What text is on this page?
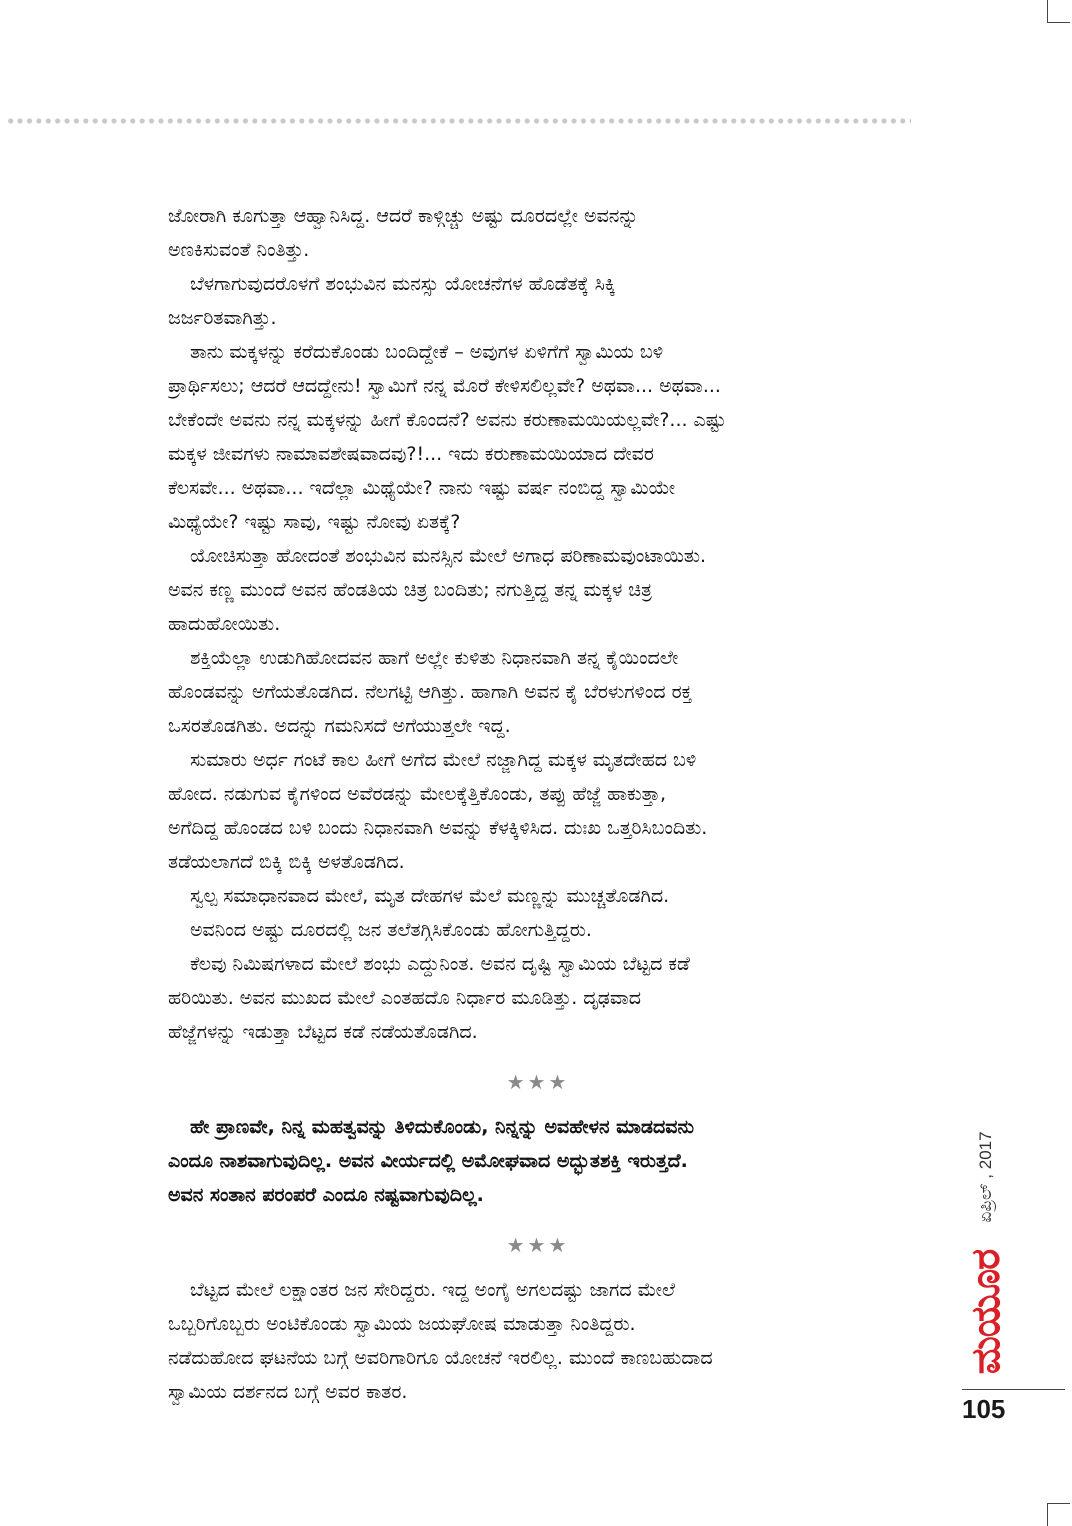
ಜೋರಾಗಿ ಕೂಗುತ್ತಾ ಆಹ್ವಾನಿಸಿದ್ದ. ಆದರೆ ಕಾಳ್ಗಿಚ್ಚು ಅಷ್ಟು ದೂರದಲ್ಲೇ ಅವನನ್ನು
ಅಣಕಿಸುವಂತೆ ನಿಂತಿತ್ತು.
ಬೆಳಗಾಗುವುದರೊಳಗೆ ಶಂಭುವಿನ ಮನಸ್ಸು ಯೋಚನೆಗಳ ಹೊಡೆತಕ್ಕೆ ಸಿಕ್ಕಿ
ಜರ್ಜರಿತವಾಗಿತ್ತು.
ತಾನು ಮಕ್ಕಳನ್ನು ಕರೆದುಕೊಂಡು ಬಂದಿದ್ದೇಕೆ – ಅವುಗಳ ಏಳಿಗೆಗೆ ಸ್ವಾಮಿಯ ಬಳಿ
ಪ್ರಾರ್ಥಿಸಲು; ಆದರೆ ಆದದ್ದೇನು! ಸ್ವಾಮಿಗೆ ನನ್ನ ಮೊರೆ ಕೇಳಿಸಲಿಲ್ಲವೇ? ಅಥವಾ... ಅಥವಾ...
ಬೇಕೆಂದೇ ಅವನು ನನ್ನ ಮಕ್ಕಳನ್ನು ಹೀಗೆ ಕೊಂದನೆ? ಅವನು ಕರುಣಾಮಯಿಯಲ್ಲವೇ?... ಎಷ್ಟು
ಮಕ್ಕಳ ಜೀವಗಳು ನಾಮಾವಶೇಷವಾದವು?!... ಇದು ಕರುಣಾಮಯಿಯಾದ ದೇವರ
ಕೆಲಸವೇ... ಅಥವಾ... ಇದೆಲ್ಲಾ ಮಿಥ್ಯೆಯೇ? ನಾನು ಇಷ್ಟು ವರ್ಷ ನಂಬಿದ್ದ ಸ್ವಾಮಿಯೇ
ಮಿಥ್ಯೆಯೇ? ಇಷ್ಟು ಸಾವು, ಇಷ್ಟು ನೋವು ಏತಕ್ಕೆ?
ಯೋಚಿಸುತ್ತಾ ಹೋದಂತೆ ಶಂಭುವಿನ ಮನಸ್ಸಿನ ಮೇಲೆ ಅಗಾಧ ಪರಿಣಾಮವುಂಟಾಯಿತು.
ಅವನ ಕಣ್ಣ ಮುಂದೆ ಅವನ ಹೆಂಡತಿಯ ಚಿತ್ರ ಬಂದಿತು; ನಗುತ್ತಿದ್ದ ತನ್ನ ಮಕ್ಕಳ ಚಿತ್ರ
ಹಾದುಹೋಯಿತು.
ಶಕ್ತಿಯೆಲ್ಲಾ ಉಡುಗಿಹೋದವನ ಹಾಗೆ ಅಲ್ಲೇ ಕುಳಿತು ನಿಧಾನವಾಗಿ ತನ್ನ ಕೈಯಿಂದಲೇ
ಹೊಂಡವನ್ನು ಅಗೆಯತೊಡಗಿದ. ನೆಲಗಟ್ಟಿ ಆಗಿತ್ತು. ಹಾಗಾಗಿ ಅವನ ಕೈ ಬೆರಳುಗಳಿಂದ ರಕ್ತ
ಒಸರತೊಡಗಿತು. ಅದನ್ನು ಗಮನಿಸದೆ ಅಗೆಯುತ್ತಲೇ ಇದ್ದ.
ಸುಮಾರು ಅರ್ಧ ಗಂಟೆ ಕಾಲ ಹೀಗೆ ಅಗೆದ ಮೇಲೆ ನಜ್ಜಾಗಿದ್ದ ಮಕ್ಕಳ ಮೃತದೇಹದ ಬಳಿ
ಹೋದ. ನಡುಗುವ ಕೈಗಳಿಂದ ಅವೆರಡನ್ನು ಮೇಲಕ್ಕೆತ್ತಿಕೊಂಡು, ತಪ್ಪು ಹೆಜ್ಜೆ ಹಾಕುತ್ತಾ,
ಅಗೆದಿದ್ದ ಹೊಂಡದ ಬಳಿ ಬಂದು ನಿಧಾನವಾಗಿ ಅವನ್ನು ಕೆಳಕ್ಕಿಳಿಸಿದ. ದುಃಖ ಒತ್ತರಿಸಿಬಂದಿತು.
ತಡೆಯಲಾಗದೆ ಬಿಕ್ಕಿ ಬಿಕ್ಕಿ ಅಳತೊಡಗಿದ.
ಸ್ವಲ್ಪ ಸಮಾಧಾನವಾದ ಮೇಲೆ, ಮೃತ ದೇಹಗಳ ಮೆಲೆ ಮಣ್ಣನ್ನು ಮುಚ್ಚತೊಡಗಿದ.
ಅವನಿಂದ ಅಷ್ಟು ದೂರದಲ್ಲಿ ಜನ ತಲೆತಗ್ಗಿಸಿಕೊಂಡು ಹೋಗುತ್ತಿದ್ದರು.
ಕೆಲವು ನಿಮಿಷಗಳಾದ ಮೇಲೆ ಶಂಭು ಎದ್ದುನಿಂತ. ಅವನ ದೃಷ್ಟಿ ಸ್ವಾಮಿಯ ಬೆಟ್ಟದ ಕಡೆ
ಹರಿಯಿತು. ಅವನ ಮುಖದ ಮೇಲೆ ಎಂತಹದೊ ನಿರ್ಧಾರ ಮೂಡಿತ್ತು. ದೃಢವಾದ
ಹೆಜ್ಜೆಗಳನ್ನು ಇಡುತ್ತಾ ಬೆಟ್ಟದ ಕಡೆ ನಡೆಯತೊಡಗಿದ.
★★★
ಹೇ ಪ್ರಾಣವೇ, ನಿನ್ನ ಮಹತ್ವವನ್ನು ತಿಳಿದುಕೊಂಡು, ನಿನ್ನನ್ನು ಅವಹೇಳನ ಮಾಡದವನು
ಎಂದೂ ನಾಶವಾಗುವುದಿಲ್ಲ. ಅವನ ವೀರ್ಯದಲ್ಲಿ ಅಮೋಘವಾದ ಅದ್ಭುತಶಕ್ತಿ ಇರುತ್ತದೆ.
ಅವನ ಸಂತಾನ ಪರಂಪರೆ ಎಂದೂ ನಷ್ಟವಾಗುವುದಿಲ್ಲ.
★★★
ಬೆಟ್ಟದ ಮೇಲೆ ಲಕ್ಷಾಂತರ ಜನ ಸೇರಿದ್ದರು. ಇದ್ದ ಅಂಗೈ ಅಗಲದಷ್ಟು ಜಾಗದ ಮೇಲೆ
ಒಬ್ಬರಿಗೊಬ್ಬರು ಅಂಟಿಕೊಂಡು ಸ್ವಾಮಿಯ ಜಯಘೋಷ ಮಾಡುತ್ತಾ ನಿಂತಿದ್ದರು.
ನಡೆದುಹೋದ ಘಟನೆಯ ಬಗ್ಗೆ ಅವರಿಗಾರಿಗೂ ಯೋಚನೆ ಇರಲಿಲ್ಲ. ಮುಂದೆ ಕಾಣಬಹುದಾದ
ಸ್ವಾಮಿಯ ದರ್ಶನದ ಬಗ್ಗೆ ಅವರ ಕಾತರ.
ಏಪ್ರಿಲ್ , 2017
ಮಯೂರ
105
